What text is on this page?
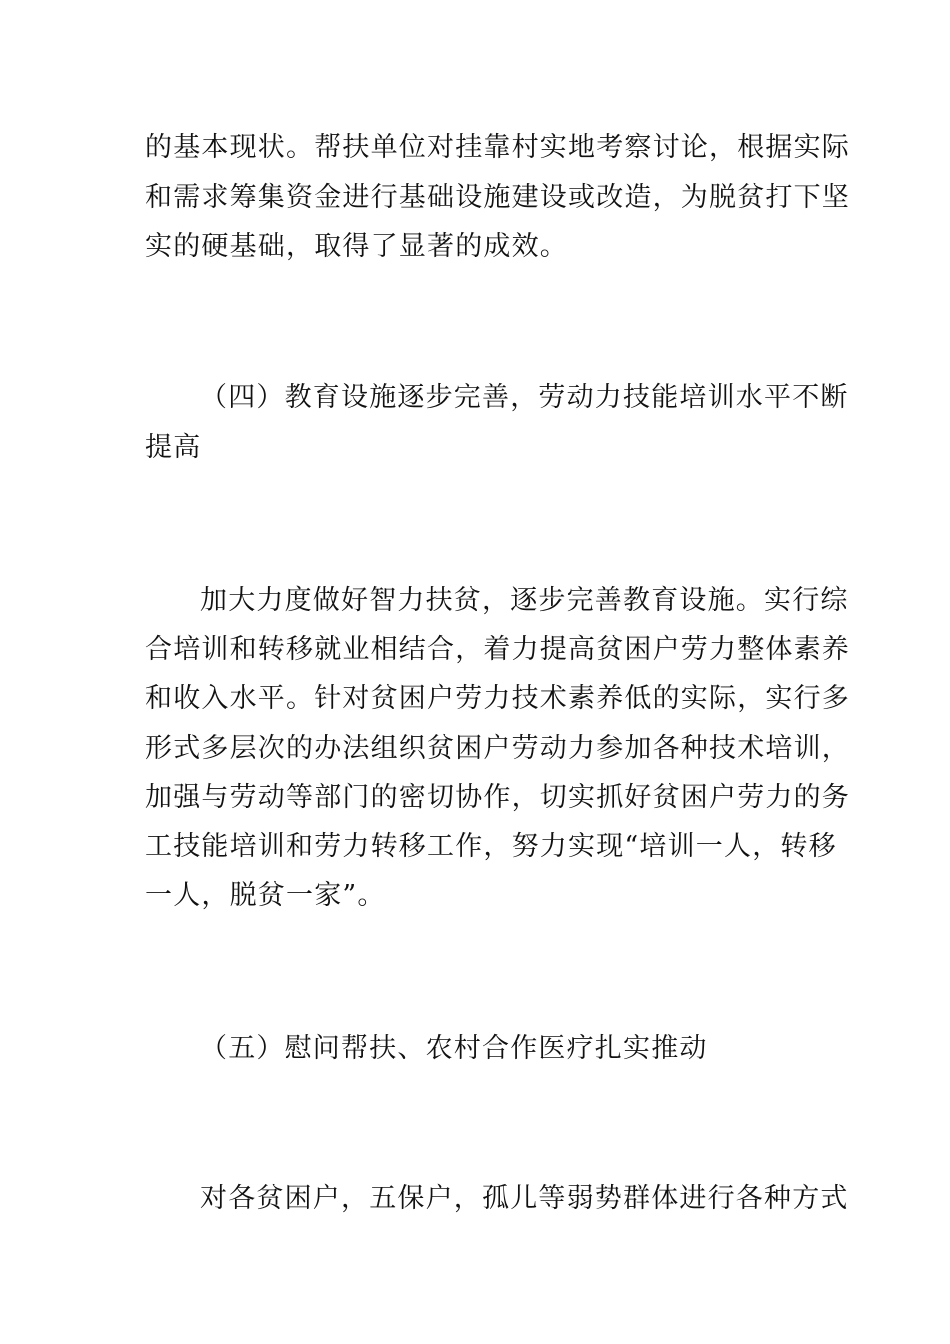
的基本现状。帮扶单位对挂靠村实地考察讨论，根据实际
和需求筹集资金进行基础设施建设或改造，为脱贫打下坚
实的硬基础，取得了显著的成效。
（四）教育设施逐步完善，劳动力技能培训水平不断
提高
加大力度做好智力扶贫，逐步完善教育设施。实行综
合培训和转移就业相结合，着力提高贫困户劳力整体素养
和收入水平。针对贫困户劳力技术素养低的实际，实行多
形式多层次的办法组织贫困户劳动力参加各种技术培训，
加强与劳动等部门的密切协作，切实抓好贫困户劳力的务
工技能培训和劳力转移工作，努力实现“培训一人，转移
一人，脱贫一家”。
（五）慰问帮扶、农村合作医疗扎实推动
对各贫困户，五保户，孤儿等弱势群体进行各种方式
